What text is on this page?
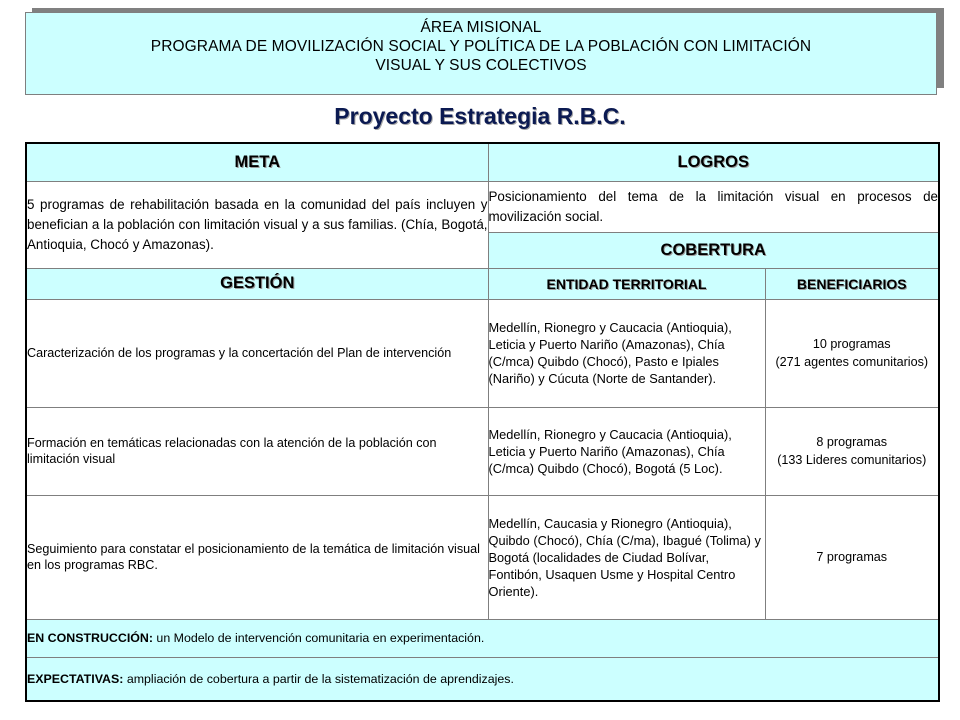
ÁREA MISIONAL
PROGRAMA DE MOVILIZACIÓN SOCIAL Y POLÍTICA DE LA POBLACIÓN CON LIMITACIÓN
VISUAL Y SUS COLECTIVOS
Proyecto Estrategia R.B.C.
META	LOGROS	
5 programas de rehabilitación basada en la comunidad del país incluyen y benefician a la población con limitación visual y a sus familias. (Chía, Bogotá, Antioquia, Chocó y Amazonas).	Posicionamiento del tema de la limitación visual en procesos de movilización social.	
	COBERTURA	
GESTIÓN	ENTIDAD TERRITORIAL	BENEFICIARIOS
Caracterización de los programas y la concertación del Plan de intervención	Medellín, Rionegro y Caucacia (Antioquia), Leticia y Puerto Nariño (Amazonas), Chía (C/mca) Quibdo (Chocó), Pasto e Ipiales (Nariño) y Cúcuta (Norte de Santander).	10 programas
(271 agentes comunitarios)

Formación en temáticas relacionadas con la atención de la población con limitación visual	Medellín, Rionegro y Caucacia (Antioquia), Leticia y Puerto Nariño (Amazonas), Chía (C/mca) Quibdo (Chocó), Bogotá (5 Loc).	8 programas
(133 Lideres comunitarios)

Seguimiento para constatar el posicionamiento de la temática de limitación visual en los programas RBC.	Medellín, Caucasia y Rionegro (Antioquia), Quibdo (Chocó), Chía (C/ma), Ibagué (Tolima) y Bogotá (localidades de Ciudad Bolívar, Fontibón, Usaquen Usme y Hospital Centro Oriente).	7 programas

EN CONSTRUCCIÓN: un Modelo de intervención comunitaria en experimentación.		
EXPECTATIVAS: ampliación de cobertura a partir de la sistematización de aprendizajes.		
